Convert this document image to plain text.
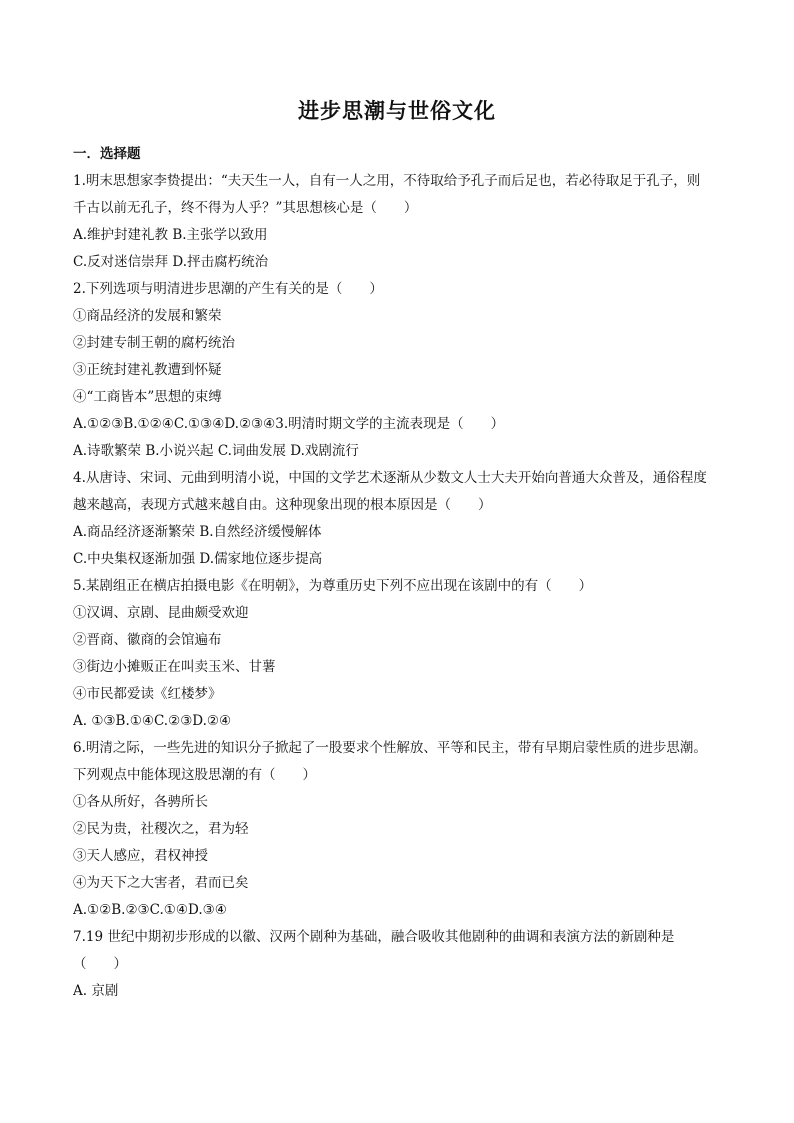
进步思潮与世俗文化
一．选择题
1.明末思想家李贽提出：“夫天生一人，自有一人之用，不待取给予孔子而后足也，若必待取足于孔子，则
千古以前无孔子，终不得为人乎？”其思想核心是（　　）
A.维护封建礼教 B.主张学以致用
C.反对迷信崇拜 D.抨击腐朽统治
2.下列选项与明清进步思潮的产生有关的是（　　）
①商品经济的发展和繁荣
②封建专制王朝的腐朽统治
③正统封建礼教遭到怀疑
④“工商皆本”思想的束缚
A.①②③B.①②④C.①③④D.②③④3.明清时期文学的主流表现是（　　）
A.诗歌繁荣 B.小说兴起 C.词曲发展 D.戏剧流行
4.从唐诗、宋词、元曲到明清小说，中国的文学艺术逐渐从少数文人士大夫开始向普通大众普及，通俗程度
越来越高，表现方式越来越自由。这种现象出现的根本原因是（　　）
A.商品经济逐渐繁荣 B.自然经济缓慢解体
C.中央集权逐渐加强 D.儒家地位逐步提高
5.某剧组正在横店拍摄电影《在明朝》，为尊重历史下列不应出现在该剧中的有（　　）
①汉调、京剧、昆曲颇受欢迎
②晋商、徽商的会馆遍布
③街边小摊贩正在叫卖玉米、甘薯
④市民都爱读《红楼梦》
A. ①③B.①④C.②③D.②④
6.明清之际，一些先进的知识分子掀起了一股要求个性解放、平等和民主，带有早期启蒙性质的进步思潮。
下列观点中能体现这股思潮的有（　　）
①各从所好，各骋所长
②民为贵，社稷次之，君为轻
③天人感应，君权神授
④为天下之大害者，君而已矣
A.①②B.②③C.①④D.③④
7.19 世纪中期初步形成的以徽、汉两个剧种为基础，融合吸收其他剧种的曲调和表演方法的新剧种是
（　　）
A. 京剧
